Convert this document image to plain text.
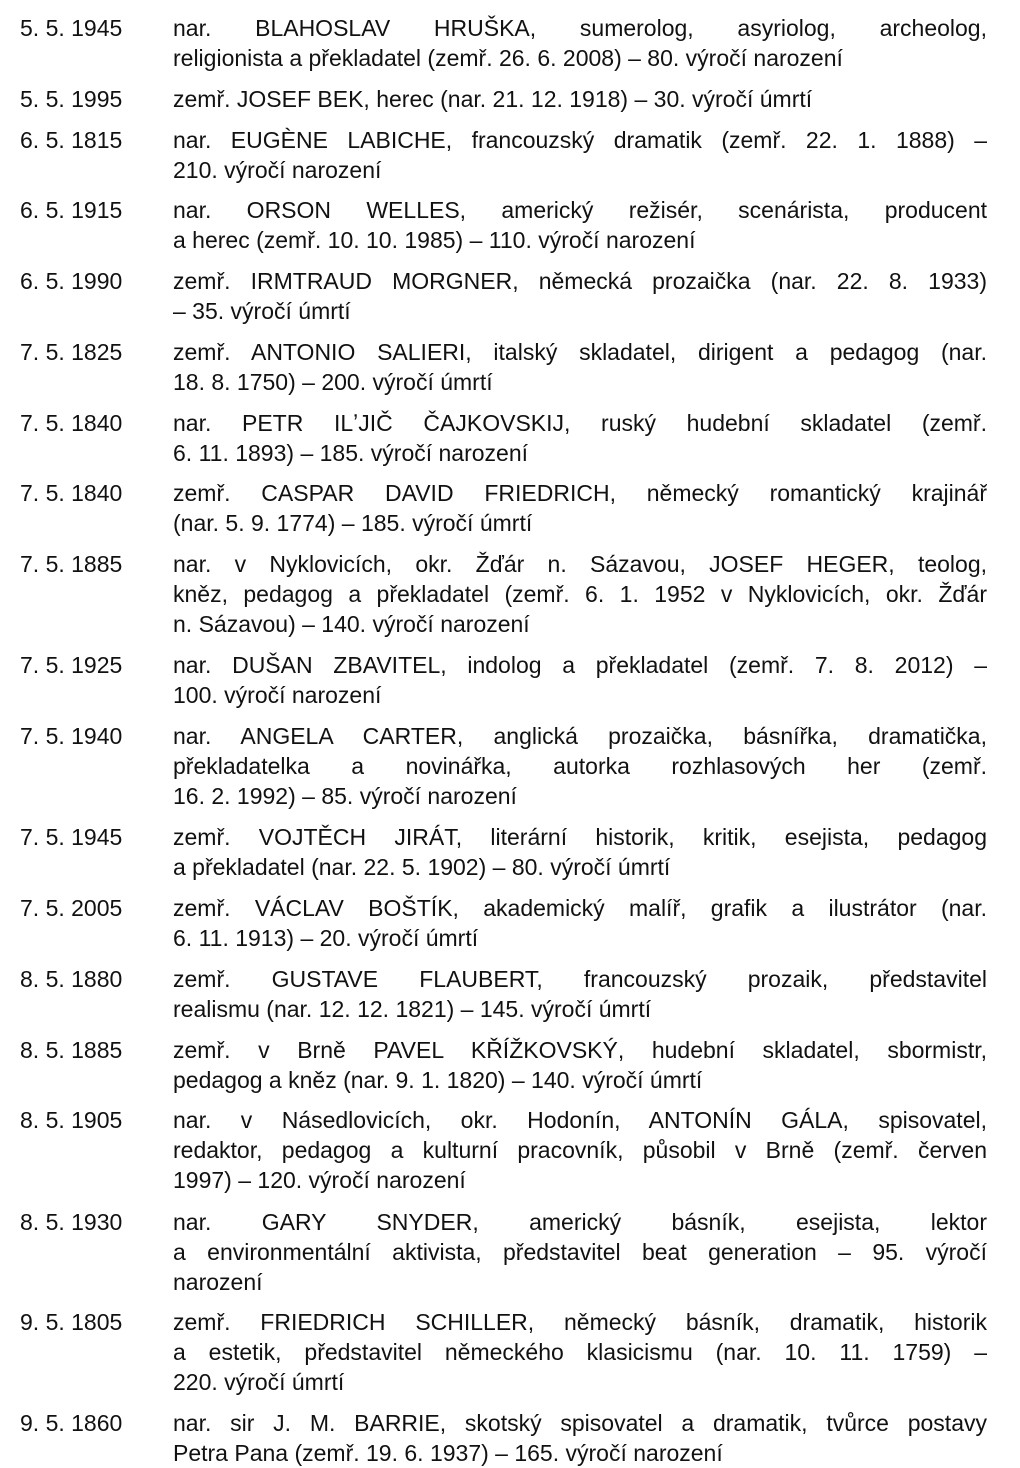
5. 5. 1945 nar. BLAHOSLAV HRUŠKA, sumerolog, asyriolog, archeolog,
religionista a překladatel (zemř. 26. 6. 2008) – 80. výročí narození
5. 5. 1995 zemř. JOSEF BEK, herec (nar. 21. 12. 1918) – 30. výročí úmrtí
6. 5. 1815 nar. EUGÈNE LABICHE, francouzský dramatik (zemř. 22. 1. 1888) –
210. výročí narození
6. 5. 1915 nar. ORSON WELLES, americký režisér, scenárista, producent
a herec (zemř. 10. 10. 1985) – 110. výročí narození
6. 5. 1990 zemř. IRMTRAUD MORGNER, německá prozaička (nar. 22. 8. 1933)
– 35. výročí úmrtí
7. 5. 1825 zemř. ANTONIO SALIERI, italský skladatel, dirigent a pedagog (nar.
18. 8. 1750) – 200. výročí úmrtí
7. 5. 1840 nar. PETR ILʼJIČ ČAJKOVSKIJ, ruský hudební skladatel (zemř.
6. 11. 1893) – 185. výročí narození
7. 5. 1840 zemř. CASPAR DAVID FRIEDRICH, německý romantický krajinář
(nar. 5. 9. 1774) – 185. výročí úmrtí
7. 5. 1885 nar. v Nyklovicích, okr. Žďár n. Sázavou, JOSEF HEGER, teolog,
kněz, pedagog a překladatel (zemř. 6. 1. 1952 v Nyklovicích, okr. Žďár
n. Sázavou) – 140. výročí narození
7. 5. 1925 nar. DUŠAN ZBAVITEL, indolog a překladatel (zemř. 7. 8. 2012) –
100. výročí narození
7. 5. 1940 nar. ANGELA CARTER, anglická prozaička, básnířka, dramatička,
překladatelka a novinářka, autorka rozhlasových her (zemř.
16. 2. 1992) – 85. výročí narození
7. 5. 1945 zemř. VOJTĚCH JIRÁT, literární historik, kritik, esejista, pedagog
a překladatel (nar. 22. 5. 1902) – 80. výročí úmrtí
7. 5. 2005 zemř. VÁCLAV BOŠTÍK, akademický malíř, grafik a ilustrátor (nar.
6. 11. 1913) – 20. výročí úmrtí
8. 5. 1880 zemř. GUSTAVE FLAUBERT, francouzský prozaik, představitel
realismu (nar. 12. 12. 1821) – 145. výročí úmrtí
8. 5. 1885 zemř. v Brně PAVEL KŘÍŽKOVSKÝ, hudební skladatel, sbormistr,
pedagog a kněz (nar. 9. 1. 1820) – 140. výročí úmrtí
8. 5. 1905 nar. v Násedlovicích, okr. Hodonín, ANTONÍN GÁLA, spisovatel,
redaktor, pedagog a kulturní pracovník, působil v Brně (zemř. červen
1997) – 120. výročí narození
8. 5. 1930 nar. GARY SNYDER, americký básník, esejista, lektor
a environmentální aktivista, představitel beat generation – 95. výročí
narození
9. 5. 1805 zemř. FRIEDRICH SCHILLER, německý básník, dramatik, historik
a estetik, představitel německého klasicismu (nar. 10. 11. 1759) –
220. výročí úmrtí
9. 5. 1860 nar. sir J. M. BARRIE, skotský spisovatel a dramatik, tvůrce postavy
Petra Pana (zemř. 19. 6. 1937) – 165. výročí narození
